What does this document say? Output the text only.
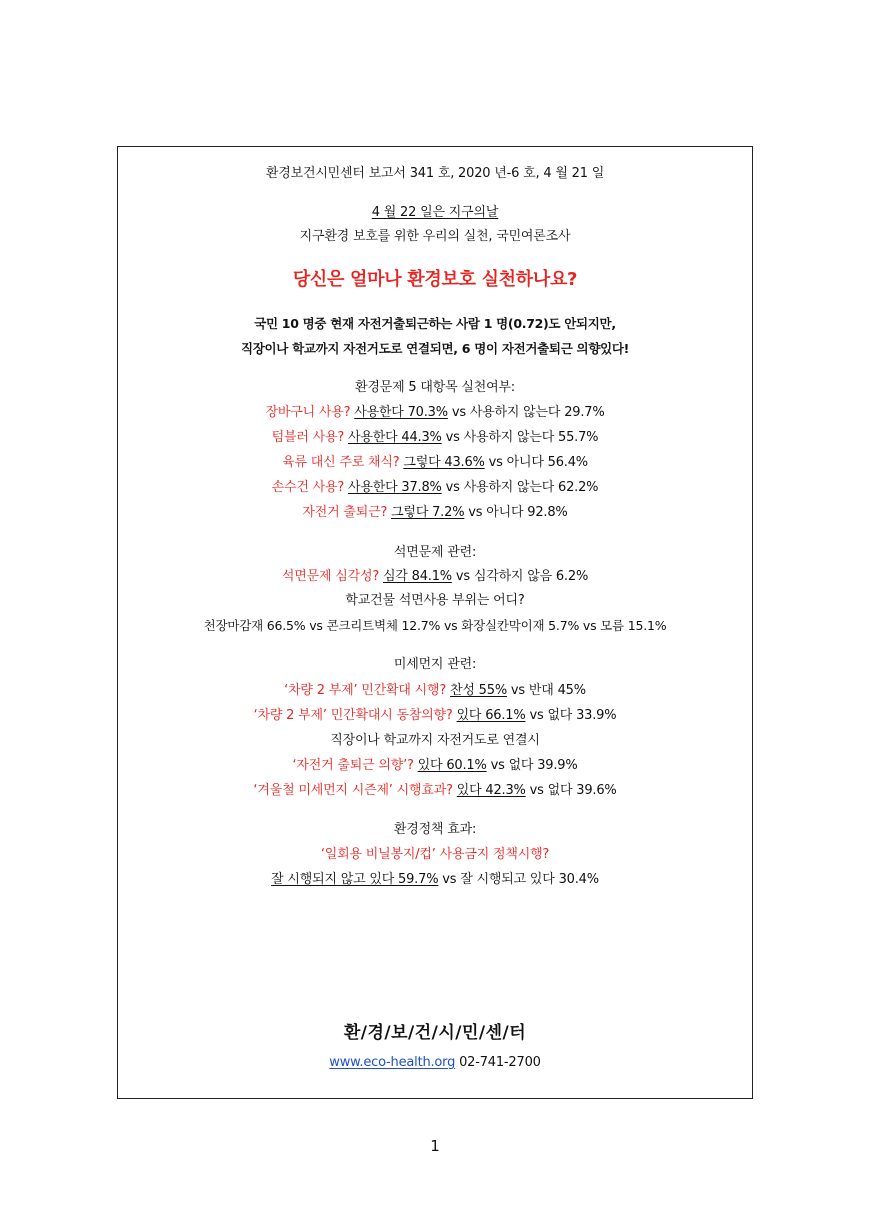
환경보건시민센터 보고서 341 호, 2020 년-6 호, 4 월 21 일
4 월 22 일은 지구의날
지구환경 보호를 위한 우리의 실천, 국민여론조사
당신은 얼마나 환경보호 실천하나요?
국민 10 명중 현재 자전거출퇴근하는 사람 1 명(0.72)도 안되지만,
직장이나 학교까지 자전거도로 연결되면, 6 명이 자전거출퇴근 의향있다!
환경문제 5 대항목 실천여부:
장바구니 사용? 사용한다 70.3% vs 사용하지 않는다 29.7%
텀블러 사용? 사용한다 44.3% vs 사용하지 않는다 55.7%
육류 대신 주로 채식? 그렇다 43.6% vs 아니다 56.4%
손수건 사용? 사용한다 37.8% vs 사용하지 않는다 62.2%
자전거 출퇴근? 그렇다 7.2% vs 아니다 92.8%
석면문제 관련:
석면문제 심각성? 심각 84.1% vs 심각하지 않음 6.2%
학교건물 석면사용 부위는 어디?
천장마감재 66.5% vs 콘크리트벽체 12.7% vs 화장실칸막이재 5.7% vs 모름 15.1%
미세먼지 관련:
‘차량 2 부제’ 민간확대 시행? 찬성 55% vs 반대 45%
‘차량 2 부제’ 민간확대시 동참의향? 있다 66.1% vs 없다 33.9%
직장이나 학교까지 자전거도로 연결시
‘자전거 출퇴근 의향’? 있다 60.1% vs 없다 39.9%
‘겨울철 미세먼지 시즌제’ 시행효과? 있다 42.3% vs 없다 39.6%
환경정책 효과:
‘일회용 비닐봉지/컵’ 사용금지 정책시행?
잘 시행되지 않고 있다 59.7% vs 잘 시행되고 있다 30.4%
환/경/보/건/시/민/센/터
www.eco-health.org 02-741-2700
1
